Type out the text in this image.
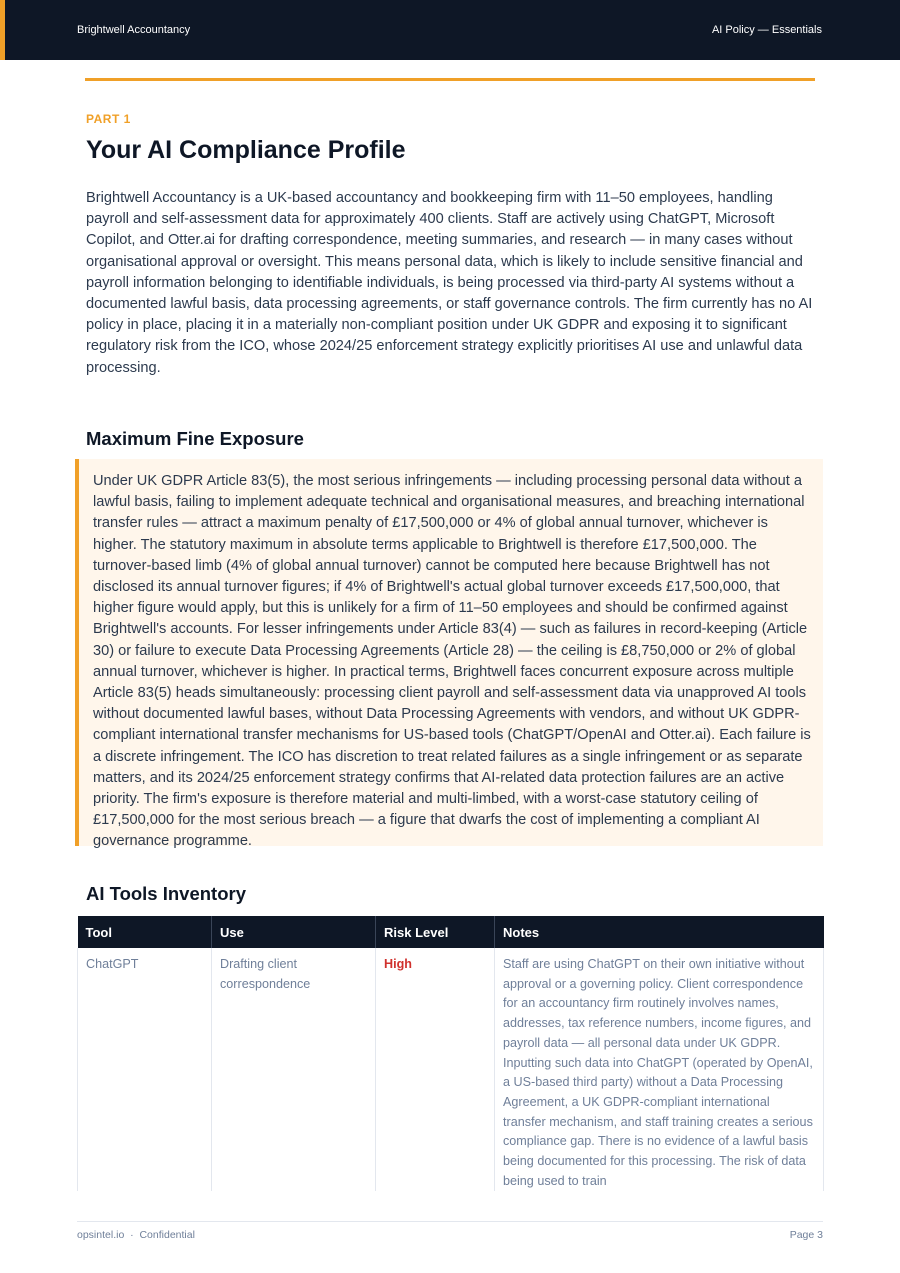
Brightwell Accountancy	AI Policy — Essentials
PART 1
Your AI Compliance Profile

Brightwell Accountancy is a UK-based accountancy and bookkeeping firm with 11–50 employees, handling payroll and self-assessment data for approximately 400 clients. Staff are actively using ChatGPT, Microsoft Copilot, and Otter.ai for drafting correspondence, meeting summaries, and research — in many cases without organisational approval or oversight. This means personal data, which is likely to include sensitive financial and payroll information belonging to identifiable individuals, is being processed via third-party AI systems without a documented lawful basis, data processing agreements, or staff governance controls. The firm currently has no AI policy in place, placing it in a materially non-compliant position under UK GDPR and exposing it to significant regulatory risk from the ICO, whose 2024/25 enforcement strategy explicitly prioritises AI use and unlawful data processing.

Maximum Fine Exposure

Under UK GDPR Article 83(5), the most serious infringements — including processing personal data without a lawful basis, failing to implement adequate technical and organisational measures, and breaching international transfer rules — attract a maximum penalty of £17,500,000 or 4% of global annual turnover, whichever is higher. The statutory maximum in absolute terms applicable to Brightwell is therefore £17,500,000. The turnover-based limb (4% of global annual turnover) cannot be computed here because Brightwell has not disclosed its annual turnover figures; if 4% of Brightwell's actual global turnover exceeds £17,500,000, that higher figure would apply, but this is unlikely for a firm of 11–50 employees and should be confirmed against Brightwell's accounts. For lesser infringements under Article 83(4) — such as failures in record-keeping (Article 30) or failure to execute Data Processing Agreements (Article 28) — the ceiling is £8,750,000 or 2% of global annual turnover, whichever is higher. In practical terms, Brightwell faces concurrent exposure across multiple Article 83(5) heads simultaneously: processing client payroll and self-assessment data via unapproved AI tools without documented lawful bases, without Data Processing Agreements with vendors, and without UK GDPR-compliant international transfer mechanisms for US-based tools (ChatGPT/OpenAI and Otter.ai). Each failure is a discrete infringement. The ICO has discretion to treat related failures as a single infringement or as separate matters, and its 2024/25 enforcement strategy confirms that AI-related data protection failures are an active priority. The firm's exposure is therefore material and multi-limbed, with a worst-case statutory ceiling of £17,500,000 for the most serious breach — a figure that dwarfs the cost of implementing a compliant AI governance programme.

AI Tools Inventory
Tool	Use	Risk Level	Notes
ChatGPT	Drafting client correspondence	High	Staff are using ChatGPT on their own initiative without approval or a governing policy. Client correspondence for an accountancy firm routinely involves names, addresses, tax reference numbers, income figures, and payroll data — all personal data under UK GDPR. Inputting such data into ChatGPT (operated by OpenAI, a US-based third party) without a Data Processing Agreement, a UK GDPR-compliant international transfer mechanism, and staff training creates a serious compliance gap. There is no evidence of a lawful basis being documented for this processing. The risk of data being used to train
opsintel.io · Confidential	Page 3
